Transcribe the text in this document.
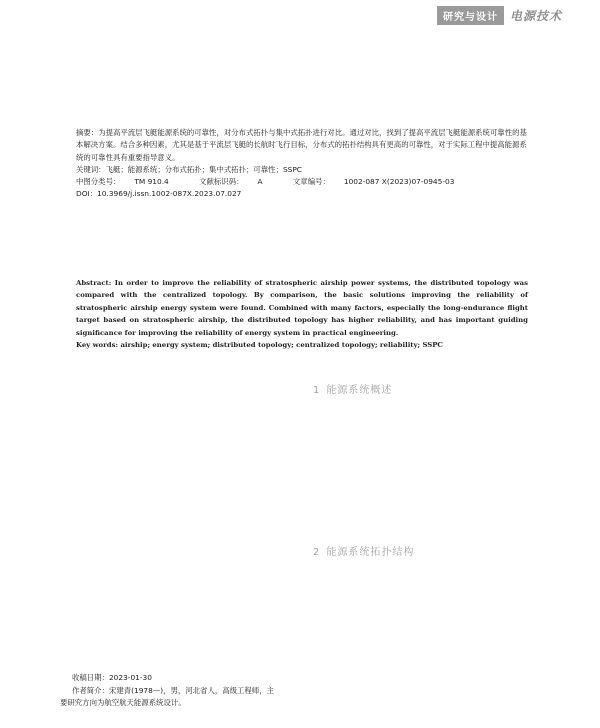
研究与设计	电源技术

摘要：为提高平流层飞艇能源系统的可靠性，对分布式拓扑与集中式拓扑进行对比。通过对比，找到了提高平流层飞艇能源系统可靠性的基本解决方案。结合多种因素，尤其是基于平流层飞艇的长航时飞行目标，分布式的拓扑结构具有更高的可靠性，对于实际工程中提高能源系统的可靠性具有重要指导意义。

关键词：飞艇；能源系统；分布式拓扑；集中式拓扑；可靠性；SSPC

中图分类号： TM 910.4	文献标识码： A	文章编号： 1002-087 X(2023)07-0945-03

DOI：10.3969/j.issn.1002-087X.2023.07.027

Abstract: In order to improve the reliability of stratospheric airship power systems, the distributed topology was compared with the centralized topology. By comparison, the basic solutions improving the reliability of stratospheric airship energy system were found. Combined with many factors, especially the long-endurance flight target based on stratospheric airship, the distributed topology has higher reliability, and has important guiding significance for improving the reliability of energy system in practical engineering.

Key words: airship; energy system; distributed topology; centralized topology; reliability; SSPC

1 能源系统概述
2 能源系统拓扑结构

收稿日期：2023-01-30

作者简介：宋建青(1978—)，男，河北省人，高级工程师，主

要研究方向为航空航天能源系统设计。
